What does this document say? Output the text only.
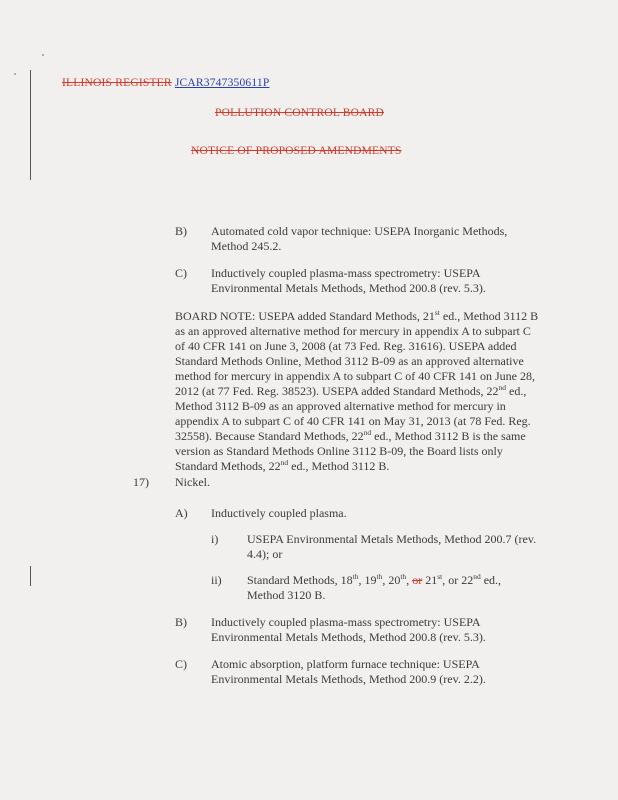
ILLINOIS REGISTER JCAR3747350611P
POLLUTION CONTROL BOARD
NOTICE OF PROPOSED AMENDMENTS
B) Automated cold vapor technique: USEPA Inorganic Methods, Method 245.2.
C) Inductively coupled plasma-mass spectrometry: USEPA Environmental Metals Methods, Method 200.8 (rev. 5.3).
BOARD NOTE: USEPA added Standard Methods, 21st ed., Method 3112 B as an approved alternative method for mercury in appendix A to subpart C of 40 CFR 141 on June 3, 2008 (at 73 Fed. Reg. 31616). USEPA added Standard Methods Online, Method 3112 B-09 as an approved alternative method for mercury in appendix A to subpart C of 40 CFR 141 on June 28, 2012 (at 77 Fed. Reg. 38523). USEPA added Standard Methods, 22nd ed., Method 3112 B-09 as an approved alternative method for mercury in appendix A to subpart C of 40 CFR 141 on May 31, 2013 (at 78 Fed. Reg. 32558). Because Standard Methods, 22nd ed., Method 3112 B is the same version as Standard Methods Online 3112 B-09, the Board lists only Standard Methods, 22nd ed., Method 3112 B.
17) Nickel.
A) Inductively coupled plasma.
i) USEPA Environmental Metals Methods, Method 200.7 (rev. 4.4); or
ii) Standard Methods, 18th, 19th, 20th, or 21st, or 22nd ed., Method 3120 B.
B) Inductively coupled plasma-mass spectrometry: USEPA Environmental Metals Methods, Method 200.8 (rev. 5.3).
C) Atomic absorption, platform furnace technique: USEPA Environmental Metals Methods, Method 200.9 (rev. 2.2).
